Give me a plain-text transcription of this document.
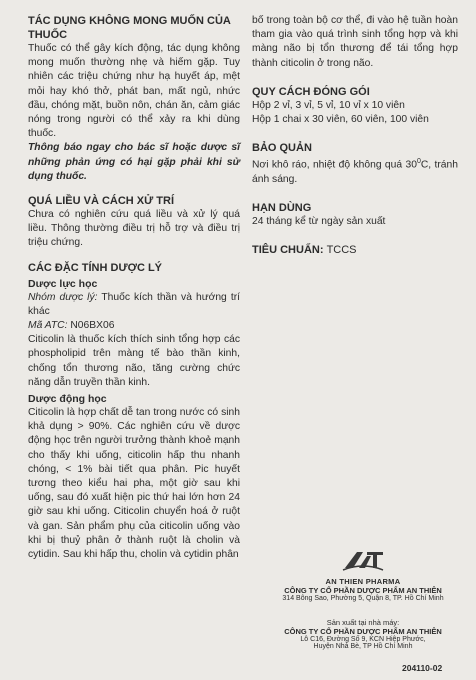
TÁC DỤNG KHÔNG MONG MUỐN CỦA THUỐC

Thuốc có thể gây kích động, tác dụng không mong muốn thường nhẹ và hiếm gặp. Tuy nhiên các triệu chứng như hạ huyết áp, mệt mỏi hay khó thở, phát ban, mất ngủ, nhức đầu, chóng mặt, buồn nôn, chán ăn, cảm giác nóng trong người có thể xảy ra khi dùng thuốc.

Thông báo ngay cho bác sĩ hoặc dược sĩ những phản ứng có hại gặp phải khi sử dụng thuốc.

QUÁ LIỀU VÀ CÁCH XỬ TRÍ

Chưa có nghiên cứu quá liều và xử lý quá liều. Thông thường điều trị hỗ trợ và điều trị triệu chứng.

CÁC ĐẶC TÍNH DƯỢC LÝ

Dược lực học

Nhóm dược lý: Thuốc kích thần và hướng trí khác

Mã ATC: N06BX06

Citicolin là thuốc kích thích sinh tổng hợp các phospholipid trên màng tế bào thần kinh, chống tổn thương não, tăng cường chức năng dẫn truyền thần kinh.

Dược động học

Citicolin là hợp chất dễ tan trong nước có sinh khả dụng > 90%. Các nghiên cứu về dược động học trên người trưởng thành khoẻ mạnh cho thấy khi uống, citicolin hấp thu nhanh chóng, < 1% bài tiết qua phân. Pic huyết tương theo kiểu hai pha, một giờ sau khi uống, sau đó xuất hiện pic thứ hai lớn hơn 24 giờ sau khi uống. Citicolin chuyển hoá ở ruột và gan. Sản phẩm phụ của citicolin uống vào khi bị thuỷ phân ở thành ruột là cholin và cytidin. Sau khi hấp thu, cholin và cytidin phân

bố trong toàn bộ cơ thể, đi vào hệ tuần hoàn tham gia vào quá trình sinh tổng hợp và khi màng não bị tổn thương để tái tổng hợp thành citicolin ở trong não.

QUY CÁCH ĐÓNG GÓI

Hộp 2 vỉ, 3 vỉ, 5 vỉ, 10 vỉ x 10 viên

Hộp 1 chai x 30 viên, 60 viên, 100 viên

BẢO QUẢN

Nơi khô ráo, nhiệt độ không quá $30^0C$, tránh ánh sáng.

HẠN DÙNG

24 tháng kể từ ngày sản xuất

TIÊU CHUẨN: TCCS

AN THIEN PHARMA
CÔNG TY CỔ PHẦN DƯỢC PHẨM AN THIÊN
314 Bông Sao, Phường 5, Quận 8, TP. Hồ Chí Minh
Sản xuất tại nhà máy:
CÔNG TY CỔ PHẦN DƯỢC PHẨM AN THIÊN
Lô C16, Đường Số 9, KCN Hiệp Phước,
Huyện Nhà Bè, TP Hồ Chí Minh
204110-02
